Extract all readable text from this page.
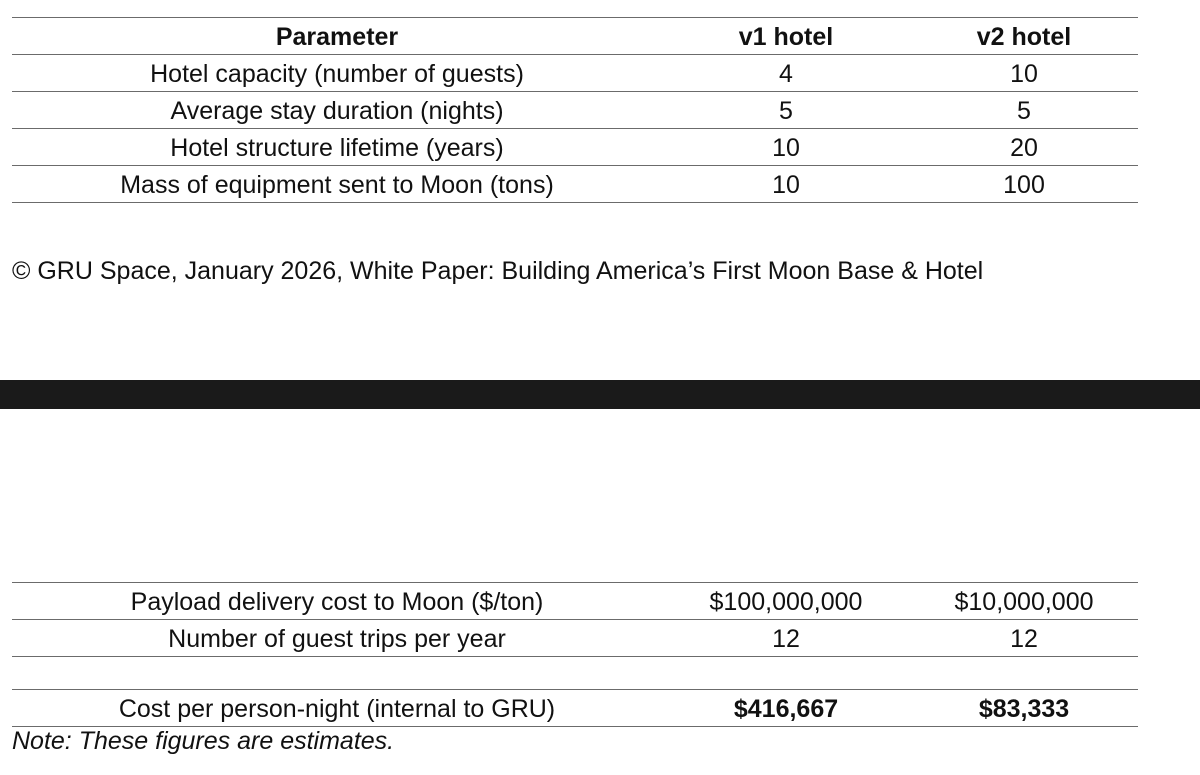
Parameter	v1 hotel	v2 hotel
Hotel capacity (number of guests)	4	10
Average stay duration (nights)	5	5
Hotel structure lifetime (years)	10	20
Mass of equipment sent to Moon (tons)	10	100
© GRU Space, January 2026, White Paper: Building America’s First Moon Base & Hotel
Payload delivery cost to Moon ($/ton)	$100,000,000	$10,000,000
Number of guest trips per year	12	12
Cost per person-night (internal to GRU)	$416,667	$83,333
Note: These figures are estimates.
